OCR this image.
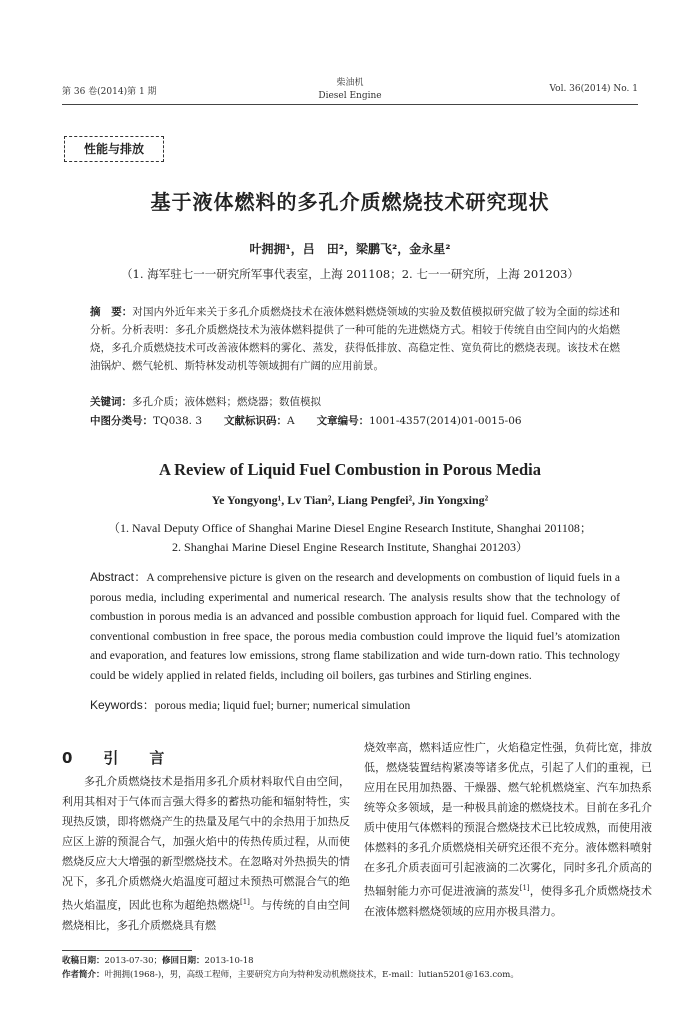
第 36 卷(2014)第 1 期
柴油机
Diesel Engine
Vol. 36(2014) No. 1
性能与排放
基于液体燃料的多孔介质燃烧技术研究现状
叶拥拥¹，吕　田²，梁鹏飞²，金永星²
（1. 海军驻七一一研究所军事代表室，上海 201108；2. 七一一研究所，上海 201203）
摘　要：对国内外近年来关于多孔介质燃烧技术在液体燃料燃烧领域的实验及数值模拟研究做了较为全面的综述和分析。分析表明：多孔介质燃烧技术为液体燃料提供了一种可能的先进燃烧方式。相较于传统自由空间内的火焰燃烧，多孔介质燃烧技术可改善液体燃料的雾化、蒸发，获得低排放、高稳定性、宽负荷比的燃烧表现。该技术在燃油锅炉、燃气轮机、斯特林发动机等领域拥有广阔的应用前景。
关键词：多孔介质；液体燃料；燃烧器；数值模拟
中图分类号：TQ038. 3 文献标识码：A 文章编号：1001-4357(2014)01-0015-06
A Review of Liquid Fuel Combustion in Porous Media
Ye Yongyong¹, Lv Tian², Liang Pengfei², Jin Yongxing²
（1. Naval Deputy Office of Shanghai Marine Diesel Engine Research Institute, Shanghai 201108；
2. Shanghai Marine Diesel Engine Research Institute, Shanghai 201203）
Abstract：A comprehensive picture is given on the research and developments on combustion of liquid fuels in a porous media, including experimental and numerical research. The analysis results show that the technology of combustion in porous media is an advanced and possible combustion approach for liquid fuel. Compared with the conventional combustion in free space, the porous media combustion could improve the liquid fuel’s atomization and evaporation, and features low emissions, strong flame stabilization and wide turn-down ratio. This technology could be widely applied in related fields, including oil boilers, gas turbines and Stirling engines.
Keywords：porous media; liquid fuel; burner; numerical simulation
0　引　言

多孔介质燃烧技术是指用多孔介质材料取代自由空间，利用其相对于气体而言强大得多的蓄热功能和辐射特性，实现热反馈，即将燃烧产生的热量及尾气中的余热用于加热反应区上游的预混合气，加强火焰中的传热传质过程，从而使燃烧反应大大增强的新型燃烧技术。在忽略对外热损失的情况下，多孔介质燃烧火焰温度可超过未预热可燃混合气的绝热火焰温度，因此也称为超绝热燃烧[1]。与传统的自由空间燃烧相比，多孔介质燃烧具有燃

烧效率高，燃料适应性广，火焰稳定性强，负荷比宽，排放低，燃烧装置结构紧凑等诸多优点，引起了人们的重视，已应用在民用加热器、干燥器、燃气轮机燃烧室、汽车加热系统等众多领域，是一种极具前途的燃烧技术。目前在多孔介质中使用气体燃料的预混合燃烧技术已比较成熟，而使用液体燃料的多孔介质燃烧相关研究还很不充分。液体燃料喷射在多孔介质表面可引起液滴的二次雾化，同时多孔介质高的热辐射能力亦可促进液滴的蒸发[1]，使得多孔介质燃烧技术在液体燃料燃烧领域的应用亦极具潜力。

收稿日期：2013-07-30；修回日期：2013-10-18
作者简介：叶拥拥(1968-)，男，高级工程师，主要研究方向为特种发动机燃烧技术，E-mail：lutian5201@163.com。
